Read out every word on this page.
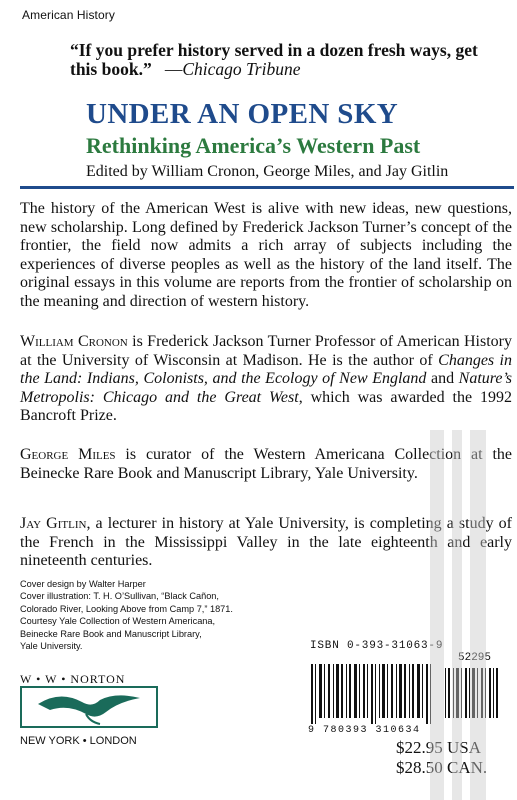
American History
“If you prefer history served in a dozen fresh ways, get this book.”   —Chicago Tribune
UNDER AN OPEN SKY
Rethinking America’s Western Past
Edited by William Cronon, George Miles, and Jay Gitlin
The history of the American West is alive with new ideas, new questions, new scholarship. Long defined by Frederick Jackson Turner’s concept of the frontier, the field now admits a rich array of subjects including the experiences of diverse peoples as well as the history of the land itself. The original essays in this volume are reports from the frontier of scholarship on the meaning and direction of western history.
William Cronon is Frederick Jackson Turner Professor of American History at the University of Wisconsin at Madison. He is the author of Changes in the Land: Indians, Colonists, and the Ecology of New England and Nature’s Metropolis: Chicago and the Great West, which was awarded the 1992 Bancroft Prize.
George Miles is curator of the Western Americana Collection at the Beinecke Rare Book and Manuscript Library, Yale University.
Jay Gitlin, a lecturer in history at Yale University, is completing a study of the French in the Mississippi Valley in the late eighteenth and early nineteenth centuries.
Cover design by Walter Harper
Cover illustration: T. H. O’Sullivan, “Black Cañon,
Colorado River, Looking Above from Camp 7,” 1871.
Courtesy Yale Collection of Western Americana,
Beinecke Rare Book and Manuscript Library,
Yale University.
W • W • NORTON
NEW YORK • LONDON
ISBN 0-393-31063-9
52295
9 780393 310634
$22.95 USA
$28.50 CAN.
